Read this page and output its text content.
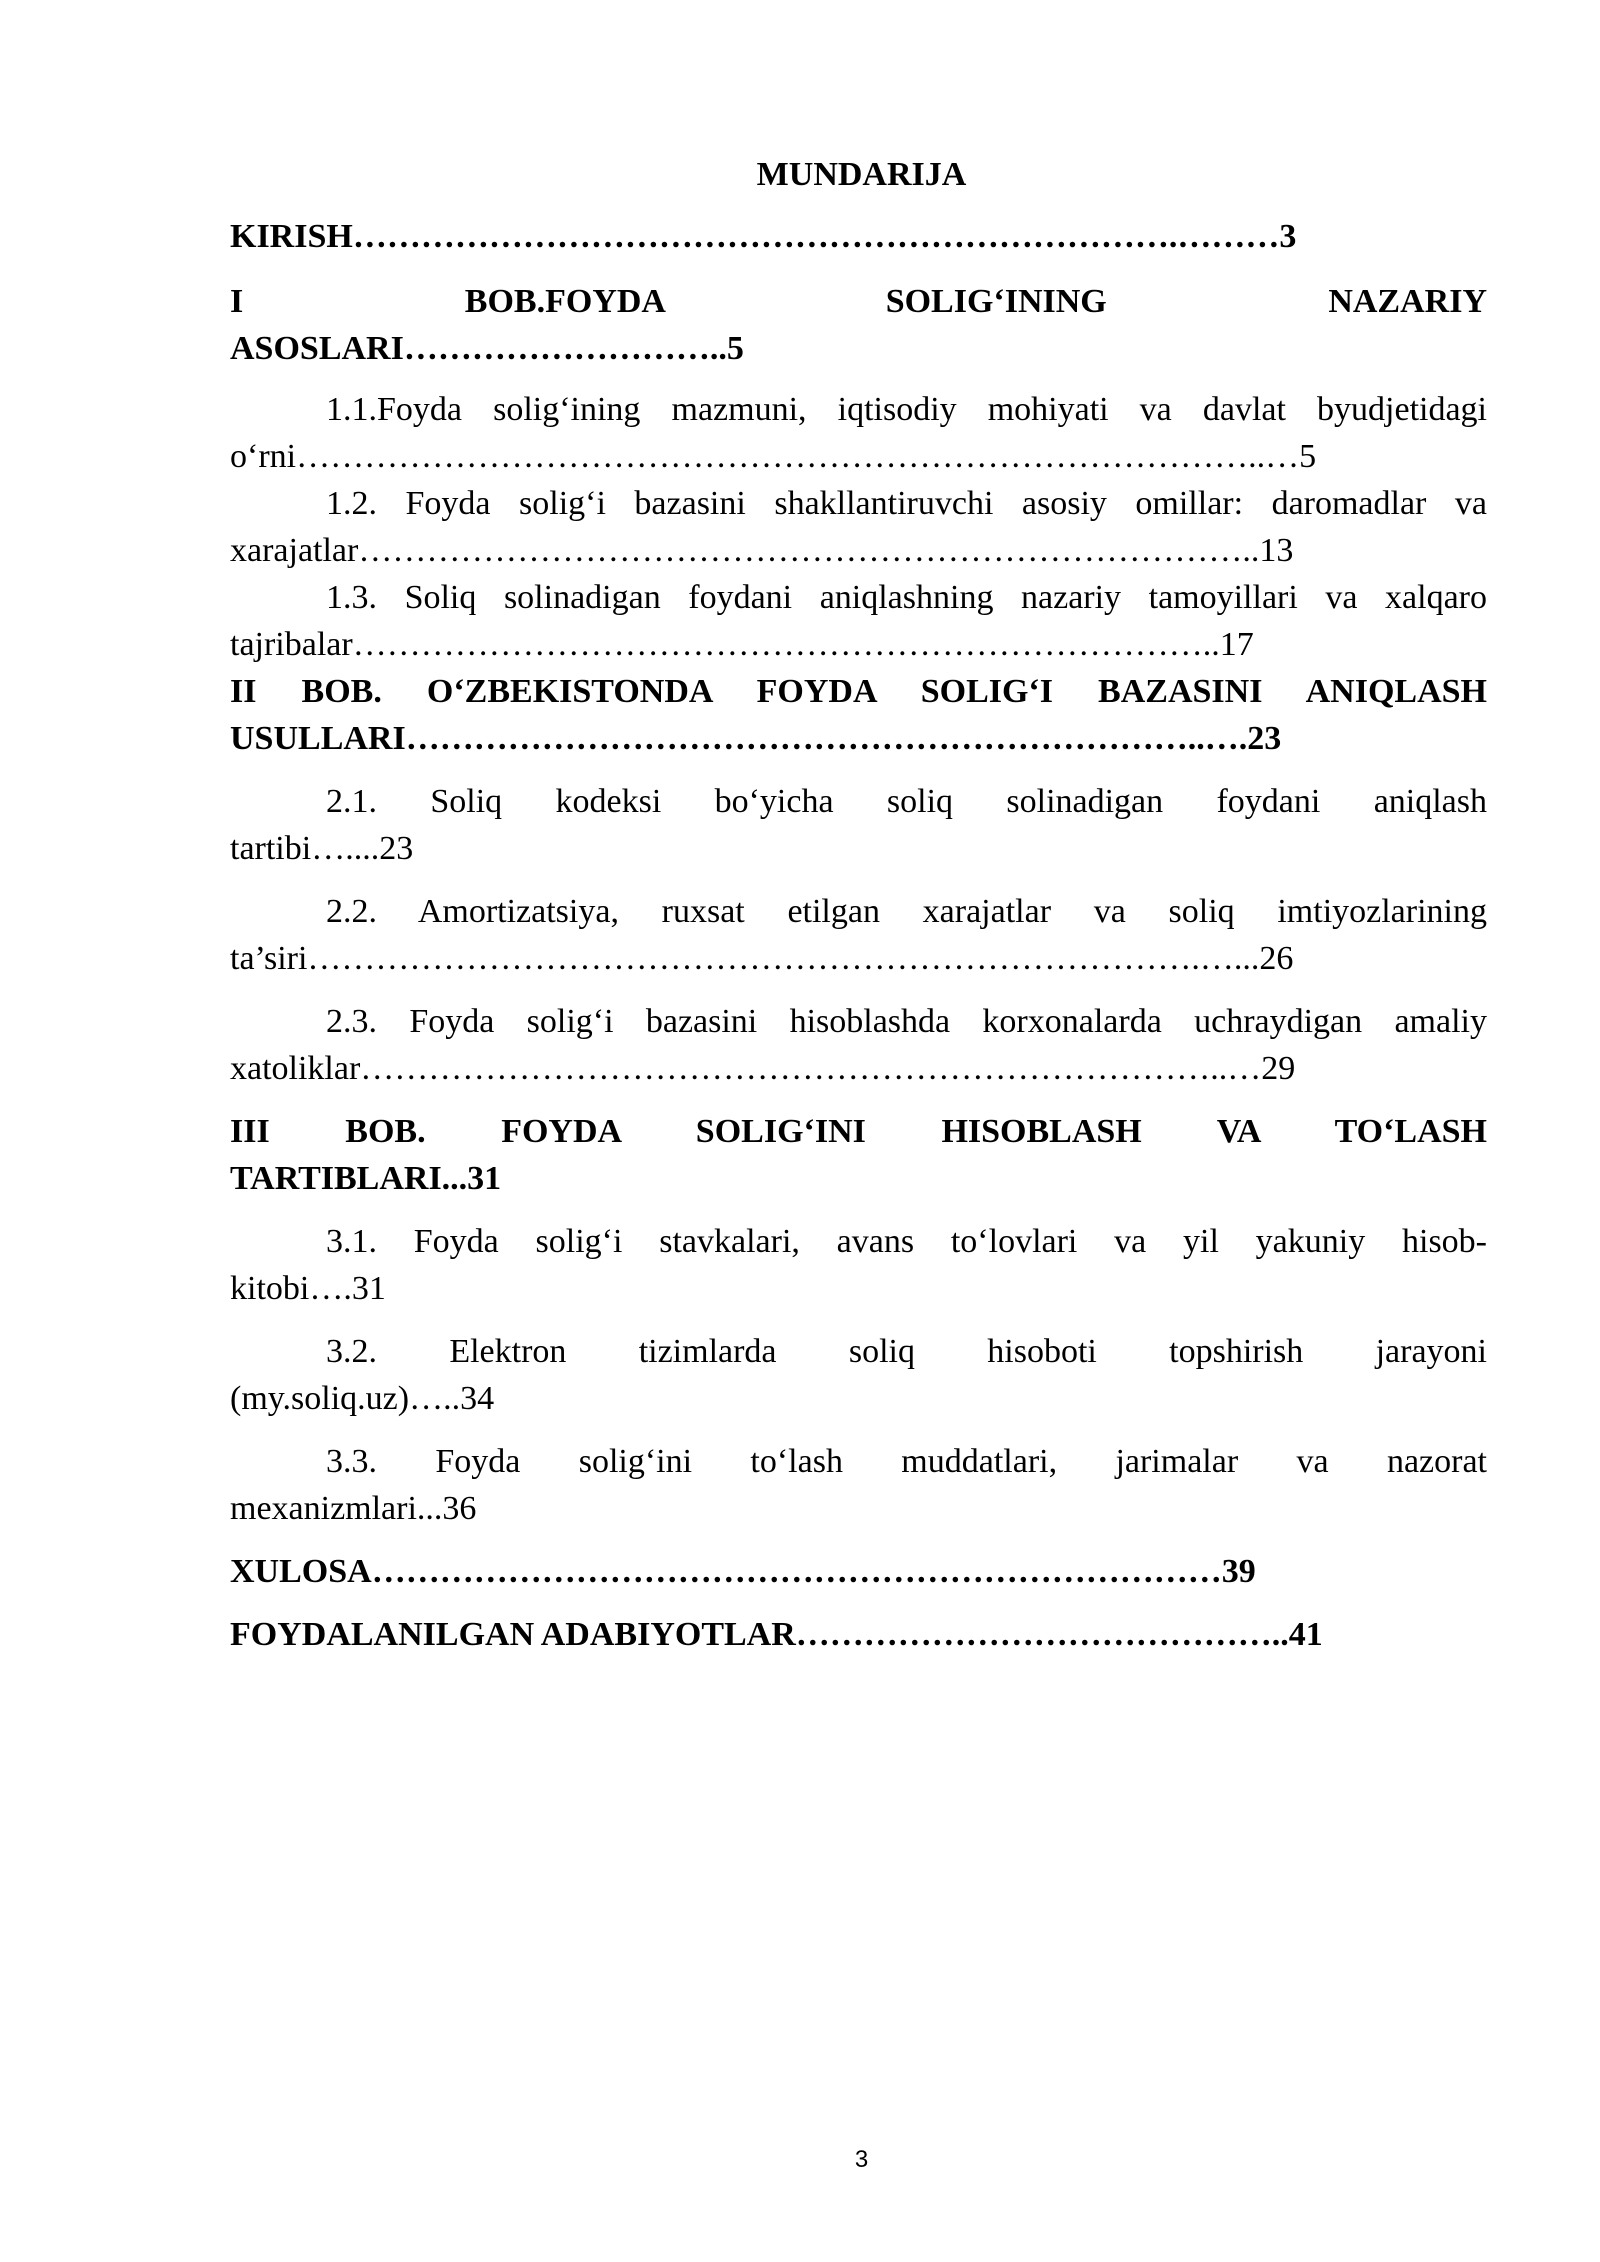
MUNDARIJA
KIRISH……………………………………………………………….………3
I BOB.FOYDA SOLIG‘INING NAZARIY
ASOSLARI………………………..5
1.1.Foyda solig‘ining mazmuni, iqtisodiy mohiyati va davlat byudjetidagi
o‘rni…………………………………………………………………………..…5
1.2. Foyda solig‘i bazasini shakllantiruvchi asosiy omillar: daromadlar va
xarajatlar……………………………………………………………………..13
1.3. Soliq solinadigan foydani aniqlashning nazariy tamoyillari va xalqaro
tajribalar…………………………………………………………………..17
II BOB. O‘ZBEKISTONDA FOYDA SOLIG‘I BAZASINI ANIQLASH
USULLARI……………………………………………………………..….23
2.1. Soliq kodeksi bo‘yicha soliq solinadigan foydani aniqlash
tartibi…....23
2.2. Amortizatsiya, ruxsat etilgan xarajatlar va soliq imtiyozlarining
ta’siri…………………………………………………………………….…...26
2.3. Foyda solig‘i bazasini hisoblashda korxonalarda uchraydigan amaliy
xatoliklar…………………………………………………………………..…29
III BOB. FOYDA SOLIG‘INI HISOBLASH VA TO‘LASH
TARTIBLARI...31
3.1. Foyda solig‘i stavkalari, avans to‘lovlari va yil yakuniy hisob-
kitobi….31
3.2. Elektron tizimlarda soliq hisoboti topshirish jarayoni
(my.soliq.uz)…..34
3.3. Foyda solig‘ini to‘lash muddatlari, jarimalar va nazorat
mexanizmlari...36
XULOSA…………………………………………………………………39
FOYDALANILGAN ADABIYOTLAR……………………………………..41
3
